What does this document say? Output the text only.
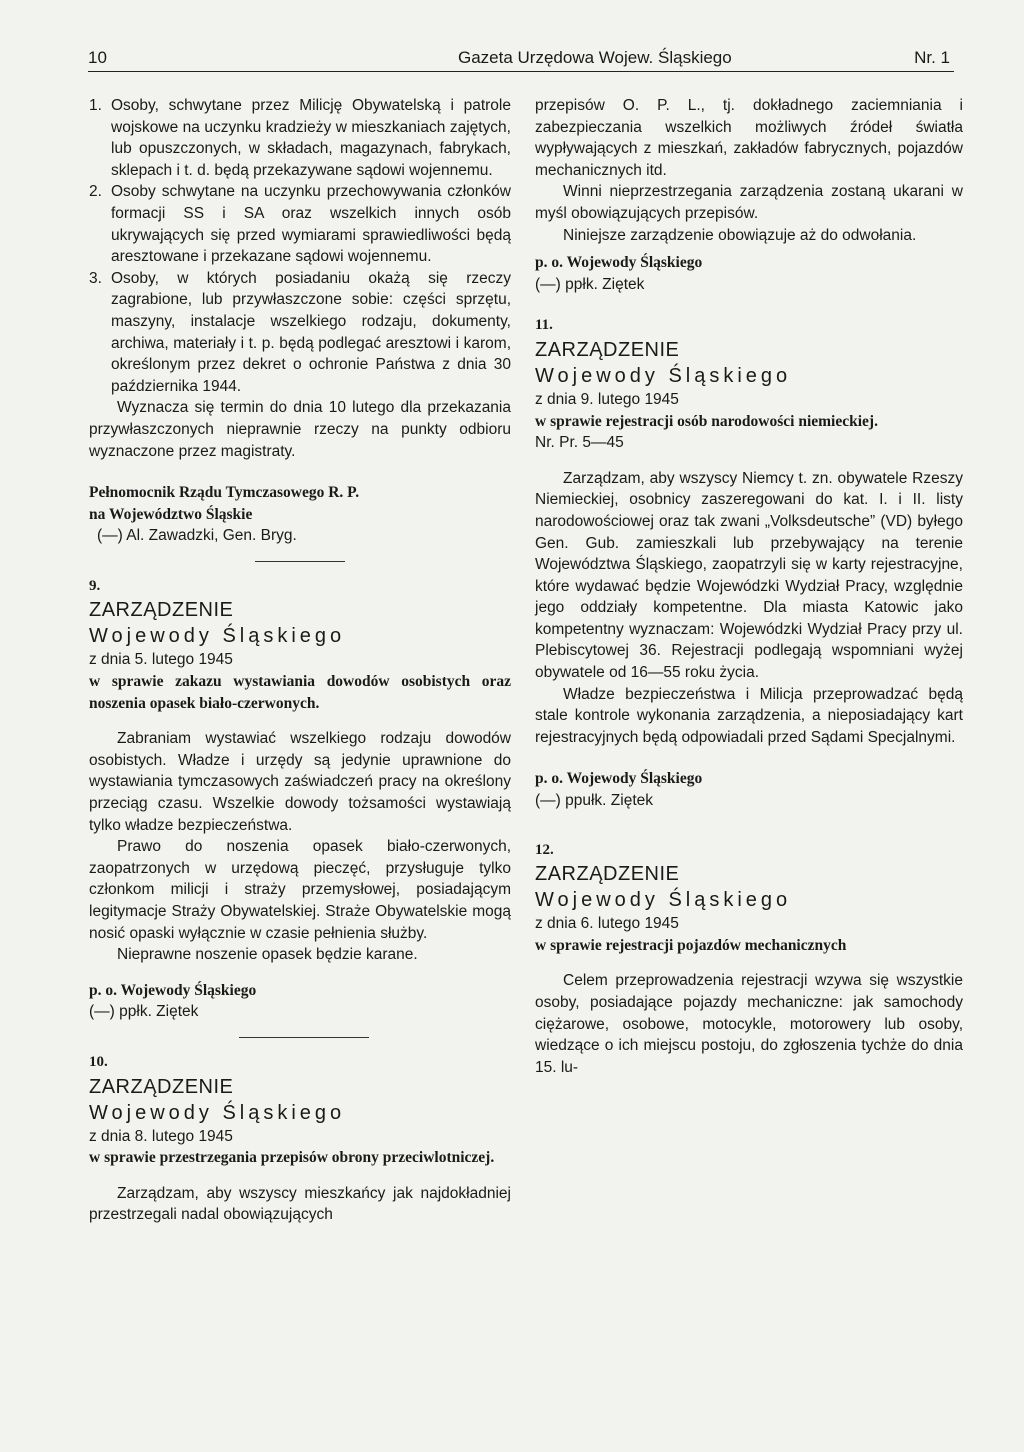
10	Gazeta Urzędowa Wojew. Śląskiego	Nr. 1

1. Osoby, schwytane przez Milicję Obywatelską i patrole wojskowe na uczynku kradzieży w mieszkaniach zajętych, lub opuszczonych, w składach, magazynach, fabrykach, sklepach i t. d. będą przekazywane sądowi wojennemu.

2. Osoby schwytane na uczynku przechowywania członków formacji SS i SA oraz wszelkich innych osób ukrywających się przed wymiarami sprawiedliwości będą aresztowane i przekazane sądowi wojennemu.

3. Osoby, w których posiadaniu okażą się rzeczy zagrabione, lub przywłaszczone sobie: części sprzętu, maszyny, instalacje wszelkiego rodzaju, dokumenty, archiwa, materiały i t. p. będą podlegać aresztowi i karom, określonym przez dekret o ochronie Państwa z dnia 30 października 1944.

Wyznacza się termin do dnia 10 lutego dla przekazania przywłaszczonych nieprawnie rzeczy na punkty odbioru wyznaczone przez magistraty.

Pełnomocnik Rządu Tymczasowego R. P.

na Województwo Śląskie

(—) Al. Zawadzki, Gen. Bryg.

9.

ZARZĄDZENIE

Wojewody Śląskiego

z dnia 5. lutego 1945

w sprawie zakazu wystawiania dowodów osobistych oraz noszenia opasek biało-czerwonych.

Zabraniam wystawiać wszelkiego rodzaju dowodów osobistych. Władze i urzędy są jedynie uprawnione do wystawiania tymczasowych zaświadczeń pracy na określony przeciąg czasu. Wszelkie dowody tożsamości wystawiają tylko władze bezpieczeństwa.

Prawo do noszenia opasek biało-czerwonych, zaopatrzonych w urzędową pieczęć, przysługuje tylko członkom milicji i straży przemysłowej, posiadającym legitymacje Straży Obywatelskiej. Straże Obywatelskie mogą nosić opaski wyłącznie w czasie pełnienia służby.

Nieprawne noszenie opasek będzie karane.

p. o. Wojewody Śląskiego

(—) ppłk. Ziętek

10.

ZARZĄDZENIE

Wojewody Śląskiego

z dnia 8. lutego 1945

w sprawie przestrzegania przepisów obrony przeciwlotniczej.

Zarządzam, aby wszyscy mieszkańcy jak najdokładniej przestrzegali nadal obowiązujących

przepisów O. P. L., tj. dokładnego zaciemniania i zabezpieczania wszelkich możliwych źródeł światła wypływających z mieszkań, zakładów fabrycznych, pojazdów mechanicznych itd.

Winni nieprzestrzegania zarządzenia zostaną ukarani w myśl obowiązujących przepisów.

Niniejsze zarządzenie obowiązuje aż do odwołania.

p. o. Wojewody Śląskiego

(—) ppłk. Ziętek

11.

ZARZĄDZENIE

Wojewody Śląskiego

z dnia 9. lutego 1945

w sprawie rejestracji osób narodowości niemieckiej.

Nr. Pr. 5—45

Zarządzam, aby wszyscy Niemcy t. zn. obywatele Rzeszy Niemieckiej, osobnicy zaszeregowani do kat. I. i II. listy narodowościowej oraz tak zwani „Volksdeutsche” (VD) byłego Gen. Gub. zamieszkali lub przebywający na terenie Województwa Śląskiego, zaopatrzyli się w karty rejestracyjne, które wydawać będzie Wojewódzki Wydział Pracy, względnie jego oddziały kompetentne. Dla miasta Katowic jako kompetentny wyznaczam: Wojewódzki Wydział Pracy przy ul. Plebiscytowej 36. Rejestracji podlegają wspomniani wyżej obywatele od 16—55 roku życia.

Władze bezpieczeństwa i Milicja przeprowadzać będą stale kontrole wykonania zarządzenia, a nieposiadający kart rejestracyjnych będą odpowiadali przed Sądami Specjalnymi.

p. o. Wojewody Śląskiego

(—) ppułk. Ziętek

12.

ZARZĄDZENIE

Wojewody Śląskiego

z dnia 6. lutego 1945

w sprawie rejestracji pojazdów mechanicznych

Celem przeprowadzenia rejestracji wzywa się wszystkie osoby, posiadające pojazdy mechaniczne: jak samochody ciężarowe, osobowe, motocykle, motorowery lub osoby, wiedzące o ich miejscu postoju, do zgłoszenia tychże do dnia 15. lu-
